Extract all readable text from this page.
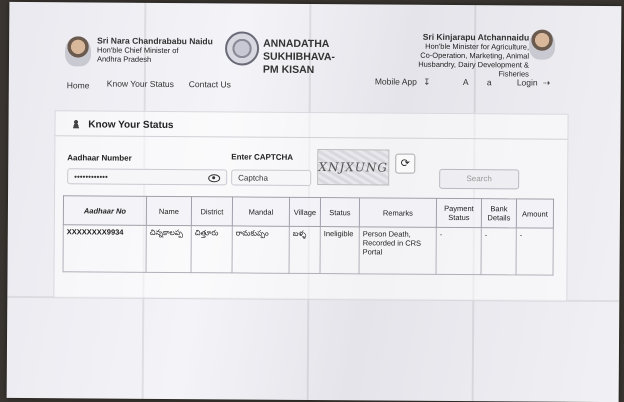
Sri Nara Chandrababu Naidu
Hon'ble Chief Minister of
Andhra Pradesh
ANNADATHA SUKHIBHAVA-
PM KISAN
Sri Kinjarapu Atchannaidu
Hon'ble Minister for Agriculture,
Co-Operation, Marketing, Animal
Husbandry, Dairy Development & Fisheries
Home Know Your Status Contact Us	Mobile App ↧	A a	Login ⇢
Know Your Status
Aadhaar Number
••••••••••••
Enter CAPTCHA
Captcha
XNJXUNG	⟳
Search
Aadhaar No	Name	District	Mandal	Village	Status	Remarks	Payment Status	Bank Details	Amount
XXXXXXXX9934	చిన్నకాలప్ప	చిత్తూరు	రామకుప్పం	బళ్ళ	Ineligible	Person Death, Recorded in CRS Portal	-	-	-
